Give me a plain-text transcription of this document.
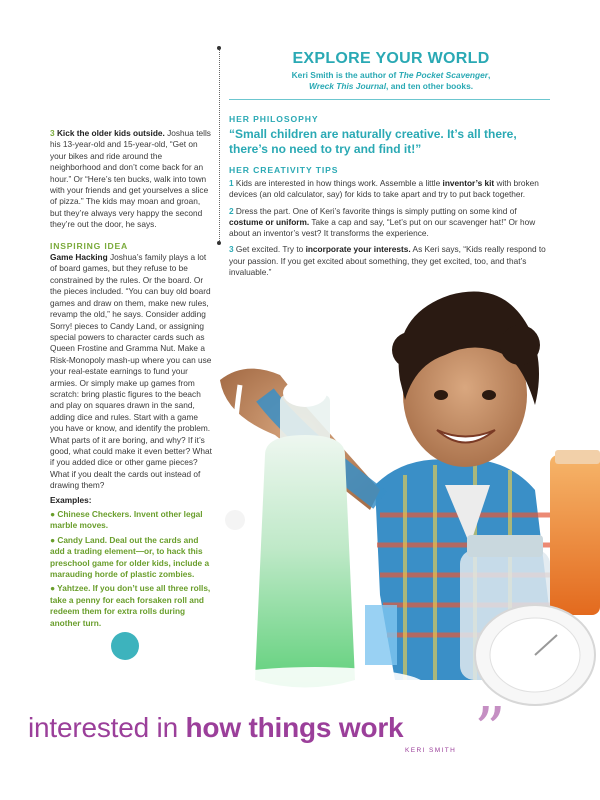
3 Kick the older kids outside. Joshua tells his 13-year-old and 15-year-old, “Get on your bikes and ride around the neighborhood and don’t come back for an hour.” Or “Here’s ten bucks, walk into town with your friends and get yourselves a slice of pizza.” The kids may moan and groan, but they’re always very happy the second they’re out the door, he says.

INSPIRING IDEA

Game Hacking Joshua’s family plays a lot of board games, but they refuse to be constrained by the rules. Or the board. Or the pieces included. “You can buy old board games and draw on them, make new rules, revamp the old,” he says. Consider adding Sorry! pieces to Candy Land, or assigning special powers to character cards such as Queen Frostine and Gramma Nut. Make a Risk-Monopoly mash-up where you can use your real-estate earnings to fund your armies. Or simply make up games from scratch: bring plastic figures to the beach and play on squares drawn in the sand, adding dice and rules. Start with a game you have or know, and identify the problem. What parts of it are boring, and why? If it’s good, what could make it even better? What if you added dice or other game pieces? What if you dealt the cards out instead of drawing them?

Examples:
● Chinese Checkers. Invent other legal marble moves.
● Candy Land. Deal out the cards and add a trading element—or, to hack this preschool game for older kids, include a marauding horde of plastic zombies.
● Yahtzee. If you don’t use all three rolls, take a penny for each forsaken roll and redeem them for extra rolls during another turn.
EXPLORE YOUR WORLD
Keri Smith is the author of The Pocket Scavenger,
Wreck This Journal, and ten other books.
HER PHILOSOPHY
“Small children are naturally creative. It’s all there, there’s no need to try and find it!”
HER CREATIVITY TIPS

1 Kids are interested in how things work. Assemble a little inventor’s kit with broken devices (an old calculator, say) for kids to take apart and try to put back together.

2 Dress the part. One of Keri’s favorite things is simply putting on some kind of costume or uniform. Take a cap and say, “Let’s put on our scavenger hat!” Or how about an inventor’s vest? It transforms the experience.

3 Get excited. Try to incorporate your interests. As Keri says, “Kids really respond to your passion. If you get excited about something, they get excited, too, and that’s invaluable.”

interested in how things work ”
KERI SMITH
